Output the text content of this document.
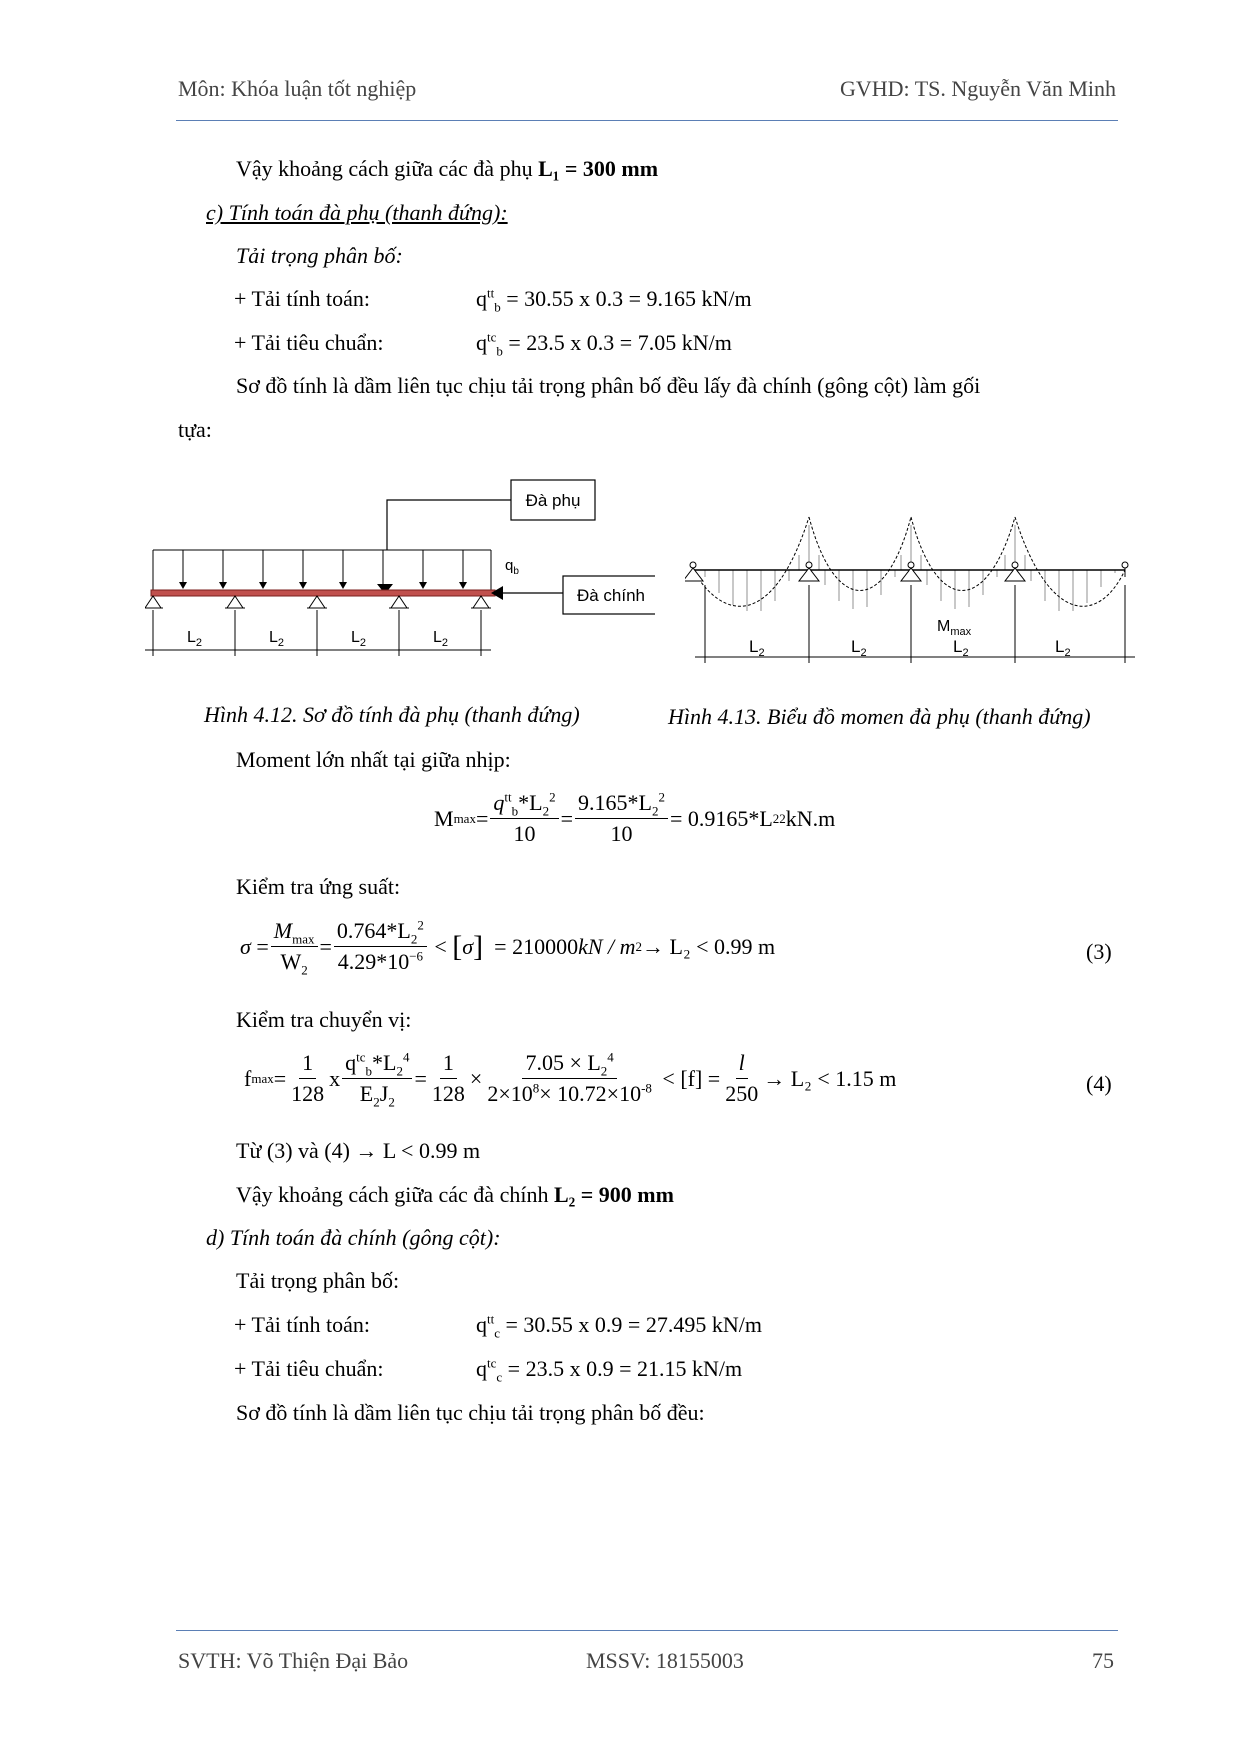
Môn: Khóa luận tốt nghiệp	GVHD: TS. Nguyễn Văn Minh
Vậy khoảng cách giữa các đà phụ L₁ = 300 mm
c) Tính toán đà phụ (thanh đứng):
Tải trọng phân bố:
+ Tải tính toán:	$q^{tt}_b = 30.55$ x 0.3 = 9.165 kN/m
+ Tải tiêu chuẩn:	$q^{tc}_b = 23.5$ x 0.3 = 7.05 kN/m
Sơ đồ tính là dầm liên tục chịu tải trọng phân bố đều lấy đà chính (gông cột) làm gối
tựa:
Đà phụ
$q_b$
Đà chính
$L_2$	$L_2$	$L_2$	$L_2$
$M_{max}$
$L_2$	$L_2$	$L_2$	$L_2$
Hình 4.12. Sơ đồ tính đà phụ (thanh đứng)	Hình 4.13. Biểu đồ momen đà phụ (thanh đứng)
Moment lớn nhất tại giữa nhịp:
M $\max = \frac{q^{tt}_b*L_2^2}{10} = \frac{9.165*L_2^2}{10} = 0.9165*L$ 2 2 kN.m
Kiểm tra ứng suất:
$\sigma = \frac{M_{max}}{W_2} = \frac{0.764*L_2^2}{4.29*10^{-6}}$ < [ σ ]
= 210000 kN / m 2 → L₂ < 0.99 m	(3)
Kiểm tra chuyển vị:
f $\max = \frac{1}{128}$ x $\frac{q^{tc}_b*L_2^4}{E_2J_2} = \frac{1}{128} \times \frac{7.05 \times L_2^4}{2\times 10^8\times 10.72\times 10^{-8}}$
< $[f] = \frac{l}{250} \to L_2 < 1.15$ m	(4)
Từ (3) và (4) → L < 0.99 m
Vậy khoảng cách giữa các đà chính L₂ = 900 mm
d) Tính toán đà chính (gông cột):
Tải trọng phân bố:
+ Tải tính toán:	$q^{tt}_c = 30.55$ x 0.9 = 27.495 kN/m
+ Tải tiêu chuẩn:	$q^{tc}_c = 23.5$ x 0.9 = 21.15 kN/m
Sơ đồ tính là dầm liên tục chịu tải trọng phân bố đều:
SVTH: Võ Thiện Đại Bảo	MSSV: 18155003	75
